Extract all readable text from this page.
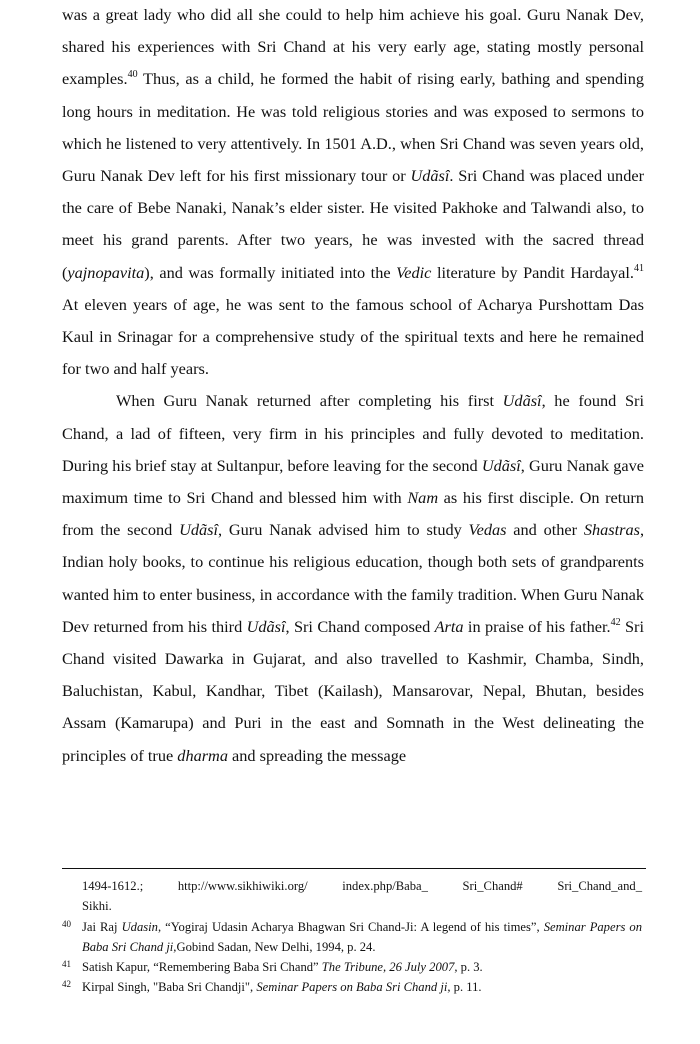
was a great lady who did all she could to help him achieve his goal. Guru Nanak Dev, shared his experiences with Sri Chand at his very early age, stating mostly personal examples.$^{40}$ Thus, as a child, he formed the habit of rising early, bathing and spending long hours in meditation. He was told religious stories and was exposed to sermons to which he listened to very attentively. In 1501 A.D., when Sri Chand was seven years old, Guru Nanak Dev left for his first missionary tour or Udãsî. Sri Chand was placed under the care of Bebe Nanaki, Nanak’s elder sister. He visited Pakhoke and Talwandi also, to meet his grand parents. After two years, he was invested with the sacred thread (yajnopavita), and was formally initiated into the Vedic literature by Pandit Hardayal.$^{41}$ At eleven years of age, he was sent to the famous school of Acharya Purshottam Das Kaul in Srinagar for a comprehensive study of the spiritual texts and here he remained for two and half years.

When Guru Nanak returned after completing his first Udãsî, he found Sri Chand, a lad of fifteen, very firm in his principles and fully devoted to meditation. During his brief stay at Sultanpur, before leaving for the second Udãsî, Guru Nanak gave maximum time to Sri Chand and blessed him with Nam as his first disciple. On return from the second Udãsî, Guru Nanak advised him to study Vedas and other Shastras, Indian holy books, to continue his religious education, though both sets of grandparents wanted him to enter business, in accordance with the family tradition. When Guru Nanak Dev returned from his third Udãsî, Sri Chand composed Arta in praise of his father.$^{42}$ Sri Chand visited Dawarka in Gujarat, and also travelled to Kashmir, Chamba, Sindh, Baluchistan, Kabul, Kandhar, Tibet (Kailash), Mansarovar, Nepal, Bhutan, besides Assam (Kamarupa) and Puri in the east and Somnath in the West delineating the principles of true dharma and spreading the message

1494-1612.; http://www.sikhiwiki.org/ index.php/Baba_ Sri_Chand# Sri_Chand_and_
Sikhi.
40 Jai Raj Udasin, “Yogiraj Udasin Acharya Bhagwan Sri Chand-Ji: A legend of his times”, Seminar Papers on Baba Sri Chand ji,Gobind Sadan, New Delhi, 1994, p. 24.
41 Satish Kapur, “Remembering Baba Sri Chand” The Tribune, 26 July 2007, p. 3.
42 Kirpal Singh, "Baba Sri Chandji", Seminar Papers on Baba Sri Chand ji, p. 11.
